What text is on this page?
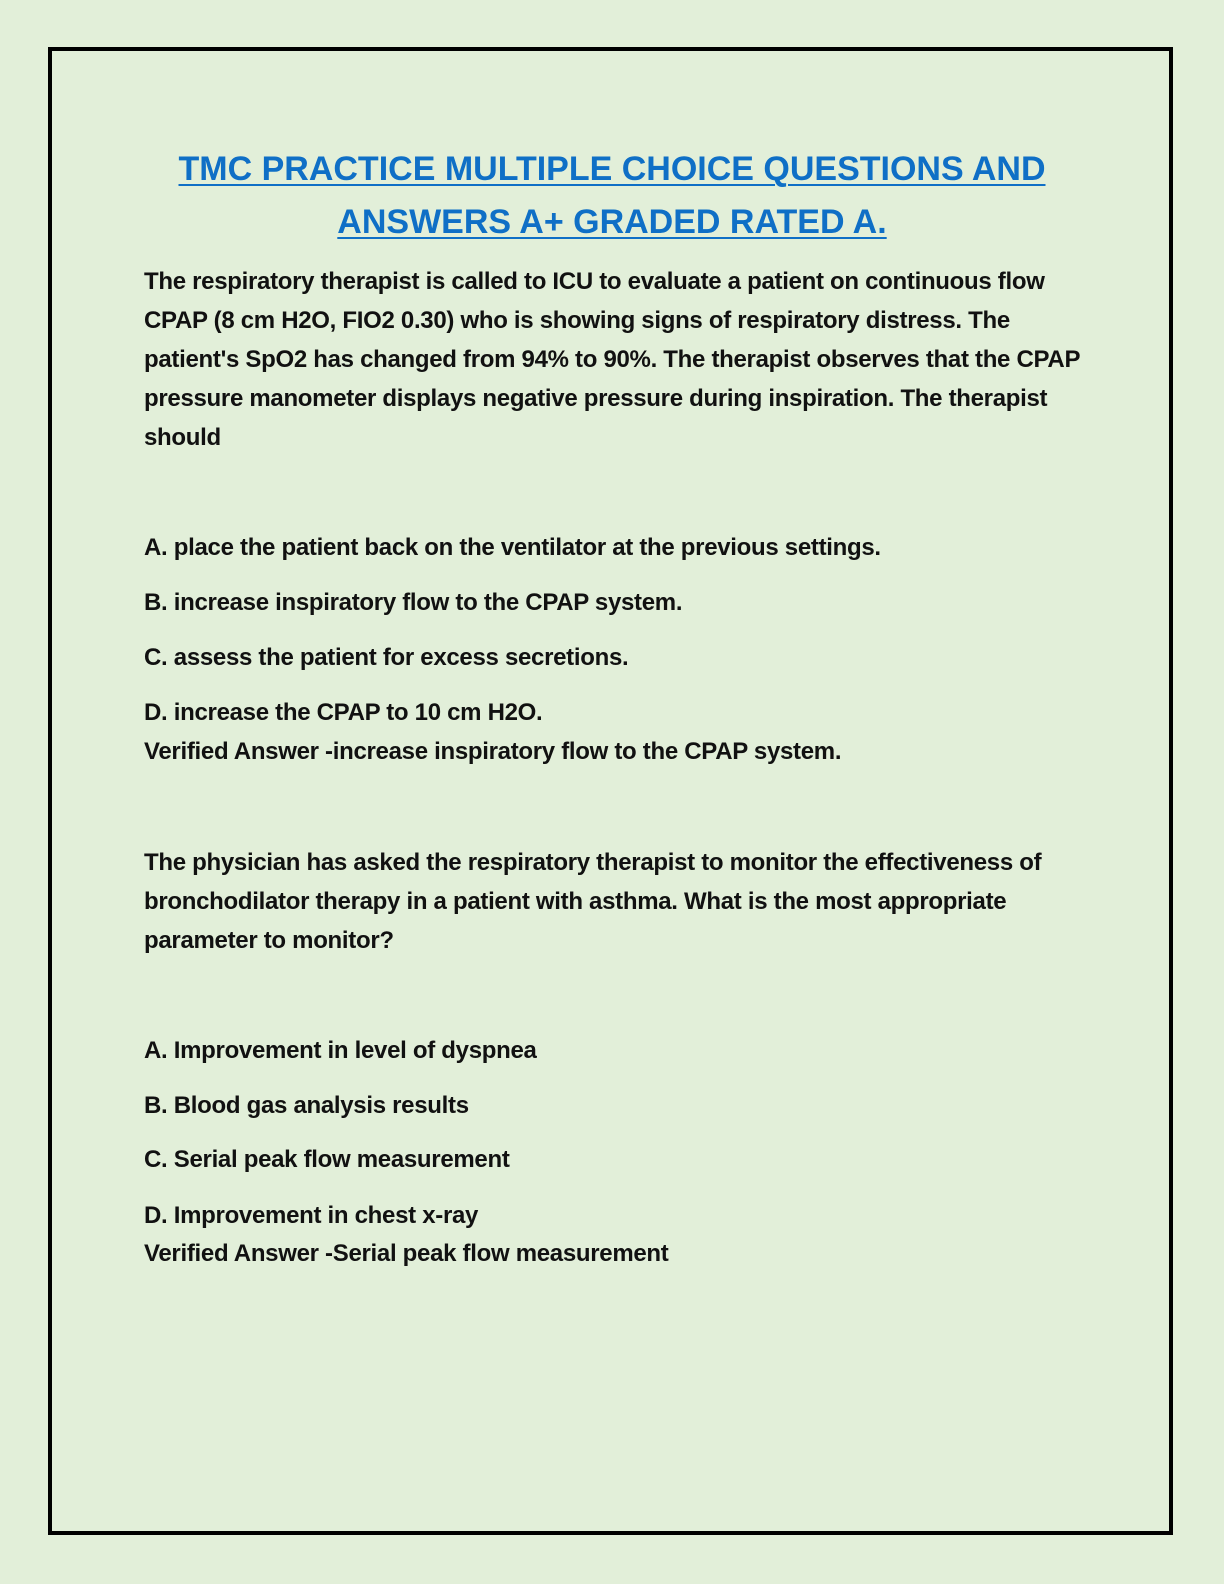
TMC PRACTICE MULTIPLE CHOICE QUESTIONS AND
ANSWERS A+ GRADED RATED A.

The respiratory therapist is called to ICU to evaluate a patient on continuous flow CPAP (8 cm H2O, FIO2 0.30) who is showing signs of respiratory distress. The patient's SpO2 has changed from 94% to 90%. The therapist observes that the CPAP pressure manometer displays negative pressure during inspiration. The therapist should

A. place the patient back on the ventilator at the previous settings.

B. increase inspiratory flow to the CPAP system.

C. assess the patient for excess secretions.

D. increase the CPAP to 10 cm H2O.

Verified Answer -increase inspiratory flow to the CPAP system.

The physician has asked the respiratory therapist to monitor the effectiveness of bronchodilator therapy in a patient with asthma. What is the most appropriate parameter to monitor?

A. Improvement in level of dyspnea

B. Blood gas analysis results

C. Serial peak flow measurement

D. Improvement in chest x-ray

Verified Answer -Serial peak flow measurement
